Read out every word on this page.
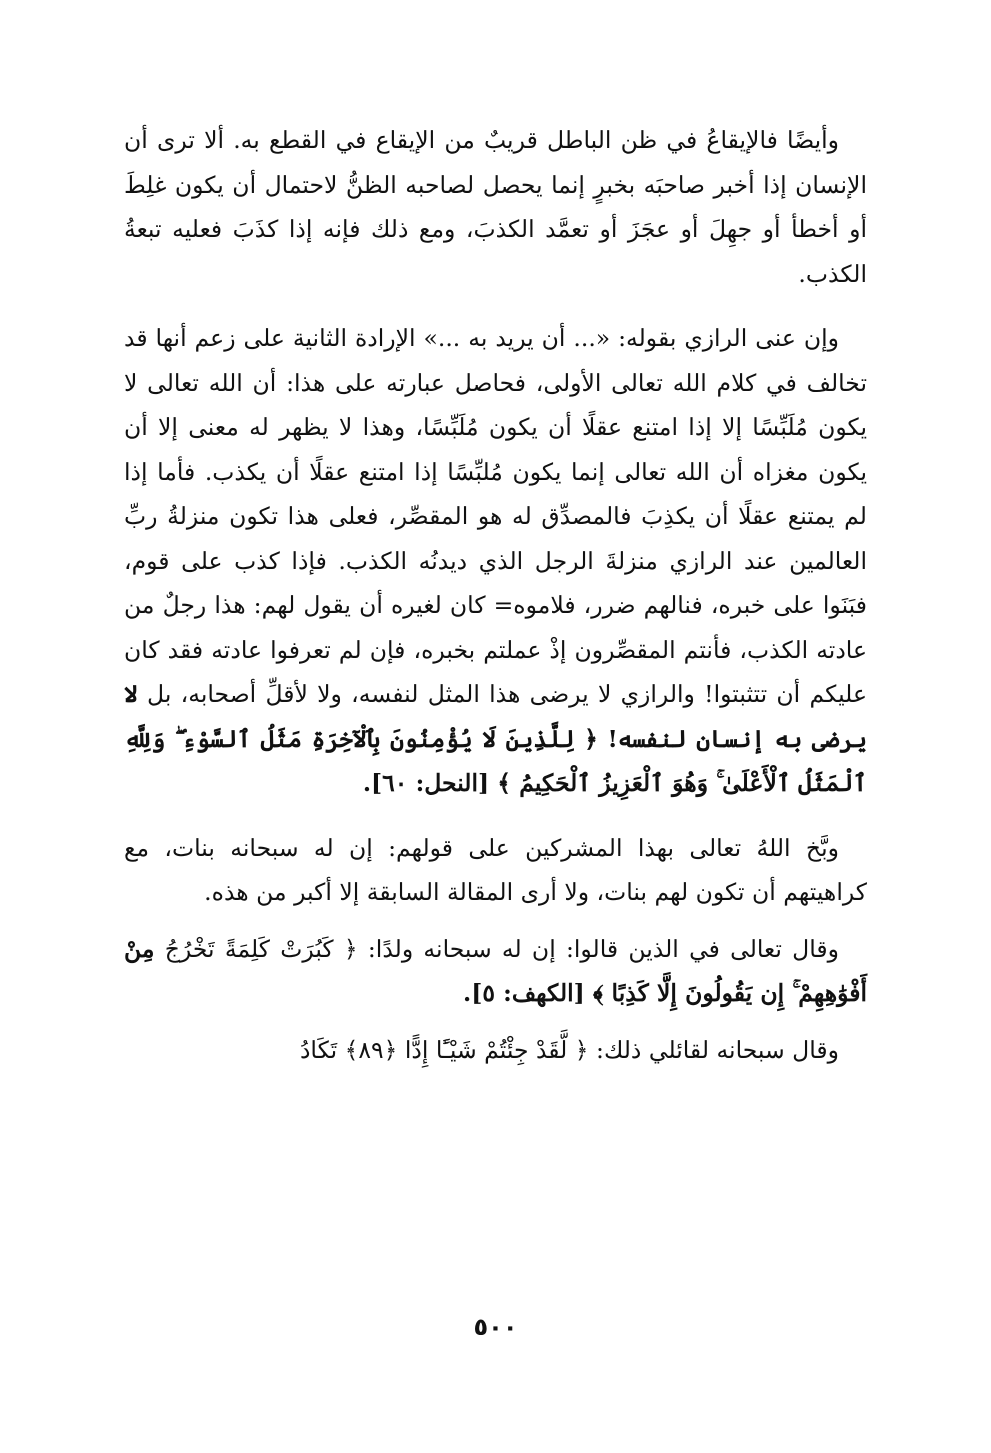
وأيضًا فالإيقاعُ في ظن الباطل قريبٌ من الإيقاع في القطع به. ألا ترى أن الإنسان إذا أخبر صاحبَه بخبرٍ إنما يحصل لصاحبه الظنُّ لاحتمال أن يكون غلِطَ أو أخطأ أو جهِلَ أو عجَزَ أو تعمَّد الكذبَ، ومع ذلك فإنه إذا كذَبَ فعليه تبعةُ الكذب.

وإن عنى الرازي بقوله: «... أن يريد به ...» الإرادة الثانية على زعم أنها قد تخالف في كلام الله تعالى الأولى، فحاصل عبارته على هذا: أن الله تعالى لا يكون مُلَبِّسًا إلا إذا امتنع عقلًا أن يكون مُلَبِّسًا، وهذا لا يظهر له معنى إلا أن يكون مغزاه أن الله تعالى إنما يكون مُلبِّسًا إذا امتنع عقلًا أن يكذب. فأما إذا لم يمتنع عقلًا أن يكذِبَ فالمصدِّق له هو المقصِّر، فعلى هذا تكون منزلةُ ربِّ العالمين عند الرازي منزلةَ الرجل الذي ديدنُه الكذب. فإذا كذب على قوم، فبَنَوا على خبره، فنالهم ضرر، فلاموه= كان لغيره أن يقول لهم: هذا رجلٌ من عادته الكذب، فأنتم المقصِّرون إذْ عملتم بخبره، فإن لم تعرفوا عادته فقد كان عليكم أن تتثبتوا! والرازي لا يرضى هذا المثل لنفسه، ولا لأقلِّ أصحابه، بل لا يرضى به إنسان لنفسه! ﴿ لِلَّذِينَ لَا يُؤْمِنُونَ بِٱلْآخِرَةِ مَثَلُ ٱلسَّوْءِ ۖ وَلِلَّهِ ٱلْمَثَلُ ٱلْأَعْلَىٰ ۚ وَهُوَ ٱلْعَزِيزُ ٱلْحَكِيمُ ﴾ [النحل: ٦٠].

وبَّخ اللهُ تعالى بهذا المشركين على قولهم: إن له سبحانه بنات، مع كراهيتهم أن تكون لهم بنات، ولا أرى المقالة السابقة إلا أكبر من هذه.

وقال تعالى في الذين قالوا: إن له سبحانه ولدًا: ﴿ كَبُرَتْ كَلِمَةً تَخْرُجُ مِنْ أَفْوَٰهِهِمْ ۚ إِن يَقُولُونَ إِلَّا كَذِبًا ﴾ [الكهف: ٥].

وقال سبحانه لقائلي ذلك: ﴿ لَّقَدْ جِئْتُمْ شَيْـًٔا إِدًّا ﴿٨٩﴾ تَكَادُ

٥٠٠
